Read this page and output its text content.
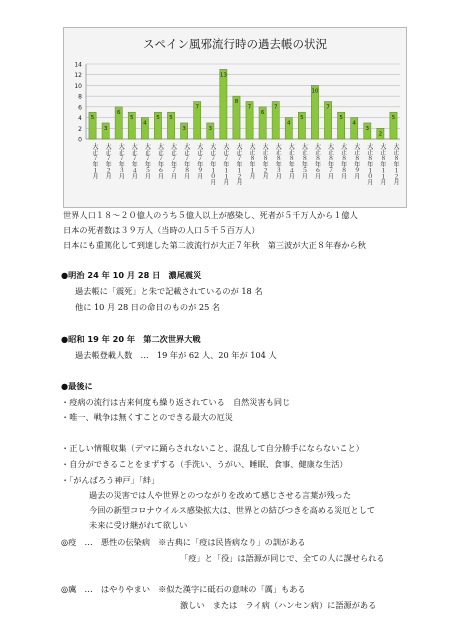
スペイン風邪流行時の過去帳の状況
0
2
4
6
8
10
12
14
5
大正７年１月
3
大正７年２月
6
大正７年３月
5
大正７年４月
4
大正７年５月
5
大正７年６月
5
大正７年７月
3
大正７年８月
7
大正７年９月
3
大正７年１０月
13
大正７年１１月
8
大正７年１２月
7
大正８年１月
6
大正８年２月
7
大正８年３月
4
大正８年４月
5
大正８年５月
10
大正８年６月
7
大正８年７月
5
大正８年８月
4
大正８年９月
3
大正８年１０月
2
大正８年１１月
5
大正８年１２月
世界人口１８～２０億人のうち５億人以上が感染し、死者が５千万人から１億人
日本の死者数は３９万人（当時の人口５千５百万人）
日本にも重篤化して到達した第二波流行が大正７年秋　第三波が大正８年春から秋
●明治 24 年 10 月 28 日　濃尾震災
過去帳に「震死」と朱で記載されているのが 18 名
他に 10 月 28 日の命日のものが 25 名
●昭和 19 年 20 年　第二次世界大戦
過去帳登載人数　…　19 年が 62 人、20 年が 104 人
●最後に
・疫病の流行は古来何度も繰り返されている　自然災害も同じ
・唯一、戦争は無くすことのできる最大の厄災
・正しい情報収集（デマに踊らされないこと、混乱して自分勝手にならないこと）
・自分ができることをまずする（手洗い、うがい、睡眠、食事、健康な生活）
・｢がんばろう神戸｣「絆」
過去の災害では人や世界とのつながりを改めて感じさせる言葉が残った
今回の新型コロナウイルス感染拡大は、世界との結びつきを高める災厄として
未来に受け継がれて欲しい
◎疫　…　悪性の伝染病　※古典に「疫は民皆病なり」の訓がある
「疫」と「役」は語源が同じで、全ての人に課せられる
◎癘　…　はやりやまい　※似た漢字に砥石の意味の「厲」もある
激しい　または　ライ病（ハンセン病）に語源がある
